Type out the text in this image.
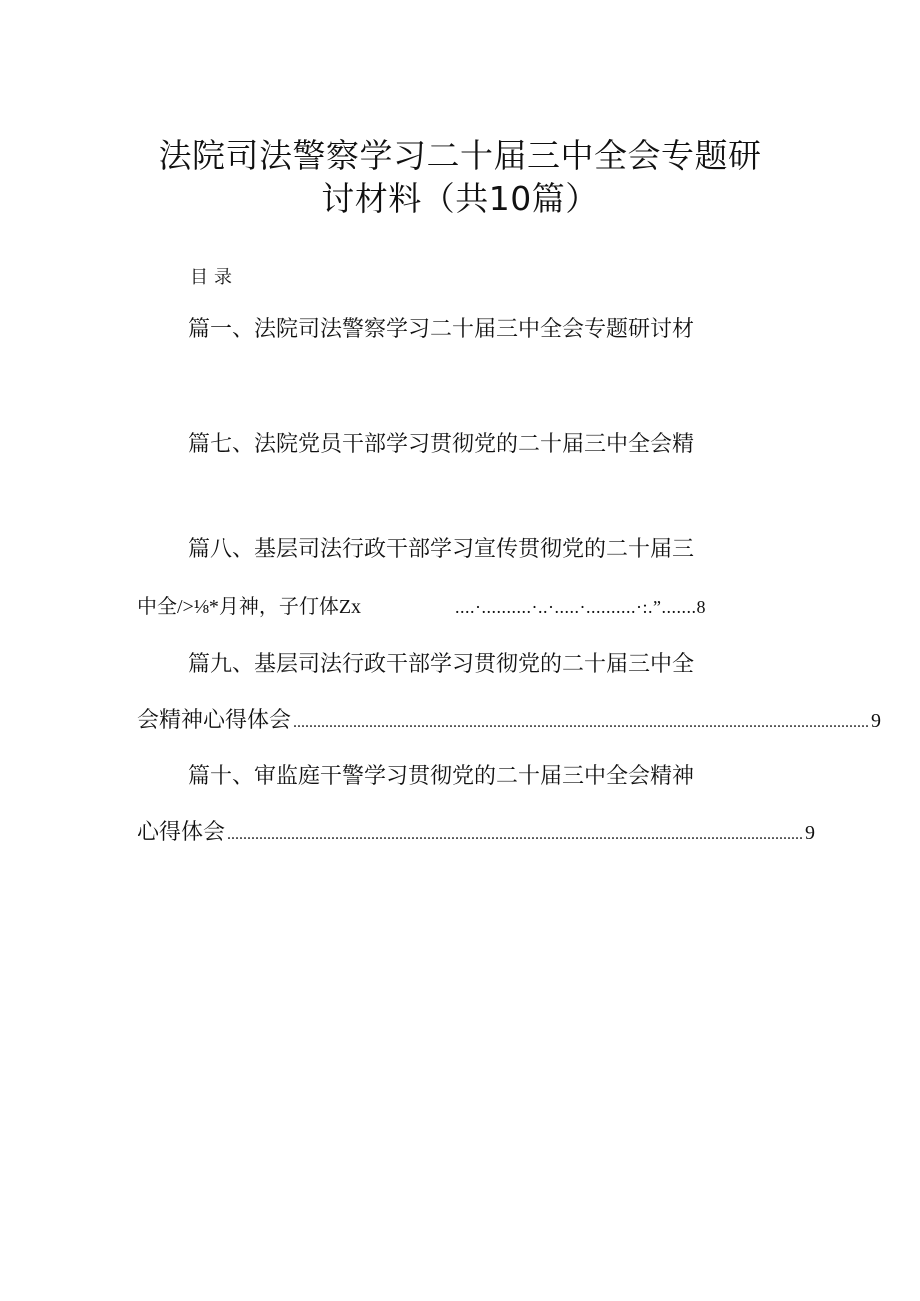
法院司法警察学习二十届三中全会专题研
讨材料（共10篇）
目录
篇一、法院司法警察学习二十届三中全会专题研讨材
篇七、法院党员干部学习贯彻党的二十届三中全会精
篇八、基层司法行政干部学习宣传贯彻党的二十届三
中全/>⅛*月神，子仃体Zx	....·..........·..·.....·..........·:.”.......8
篇九、基层司法行政干部学习贯彻党的二十届三中全
会精神心得体会 ................................................................................................................................................ 9
篇十、审监庭干警学习贯彻党的二十届三中全会精神
心得体会 ................................................................................................................................................ 9
